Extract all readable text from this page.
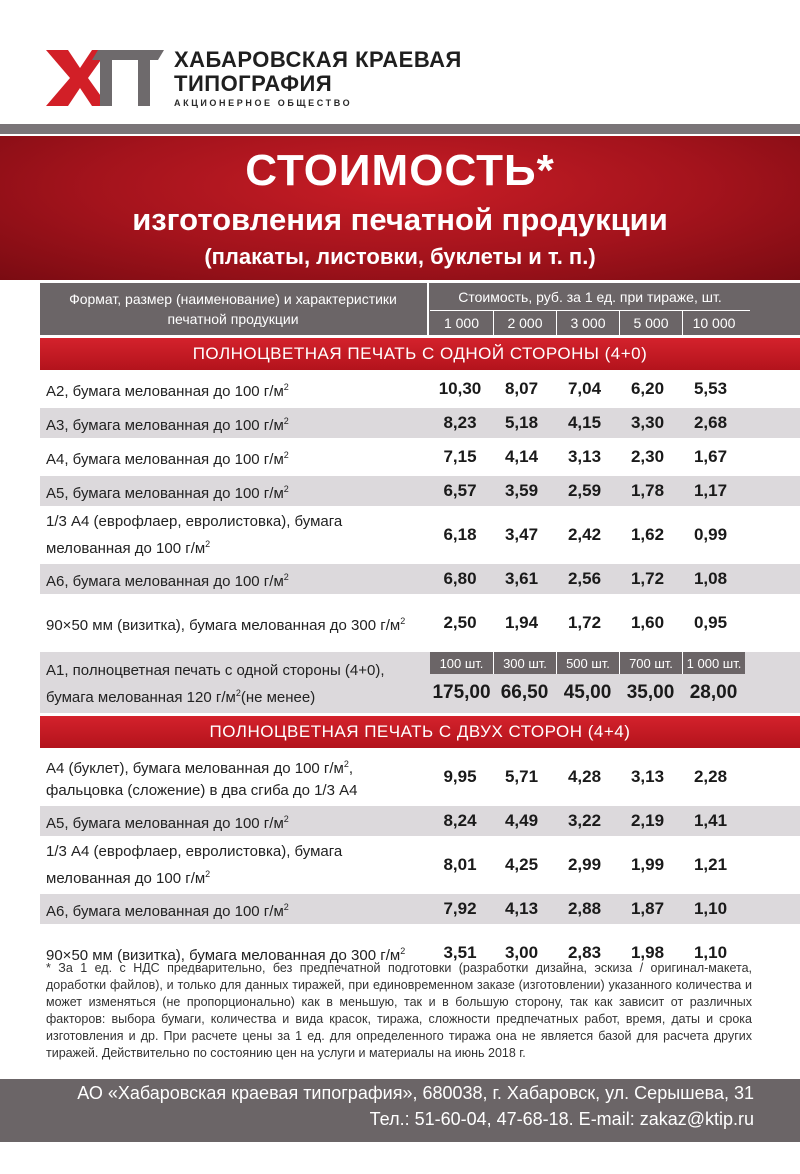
ХАБАРОВСКАЯ КРАЕВАЯ
ТИПОГРАФИЯ
АКЦИОНЕРНОЕ ОБЩЕСТВО
СТОИМОСТЬ*
изготовления печатной продукции
(плакаты, листовки, буклеты и т. п.)
Формат, размер (наименование) и характеристики печатной продукции
Стоимость, руб. за 1 ед. при тираже, шт.
1 000	2 000	3 000	5 000	10 000
ПОЛНОЦВЕТНАЯ ПЕЧАТЬ С ОДНОЙ СТОРОНЫ (4+0)
А2, бумага мелованная до 100 $г/м^2$	10,30	8,07	7,04	6,20	5,53
А3, бумага мелованная до 100 $г/м^2$	8,23	5,18	4,15	3,30	2,68
А4, бумага мелованная до 100 $г/м^2$	7,15	4,14	3,13	2,30	1,67
А5, бумага мелованная до 100 $г/м^2$	6,57	3,59	2,59	1,78	1,17
1/3 А4 (еврофлаер, евролистовка), бумага мелованная до 100 $г/м^2$	6,18	3,47	2,42	1,62	0,99
А6, бумага мелованная до 100 $г/м^2$	6,80	3,61	2,56	1,72	1,08
90×50 мм (визитка), бумага мелованная до 300 $г/м^2$	2,50	1,94	1,72	1,60	0,95
А1, полноцветная печать с одной стороны (4+0),
бумага мелованная 120 $г/м^2(не$ менее)
100 шт.	300 шт.	500 шт.	700 шт.	1 000 шт.
175,00 66,50 45,00 35,00 28,00
ПОЛНОЦВЕТНАЯ ПЕЧАТЬ С ДВУХ СТОРОН (4+4)
А4 (буклет), бумага мелованная до 100 $г/м^2$, фальцовка (сложение) в два сгиба до 1/3 А4
9,95	5,71	4,28	3,13	2,28
А5, бумага мелованная до 100 $г/м^2$	8,24	4,49	3,22	2,19	1,41
1/3 А4 (еврофлаер, евролистовка), бумага мелованная до 100 $г/м^2$	8,01	4,25	2,99	1,99	1,21
А6, бумага мелованная до 100 $г/м^2$	7,92	4,13	2,88	1,87	1,10
90×50 мм (визитка), бумага мелованная до 300 $г/м^2$	3,51	3,00	2,83	1,98	1,10
* За 1 ед. с НДС предварительно, без предпечатной подготовки (разработки дизайна, эскиза / оригинал-макета, доработки файлов), и только для данных тиражей, при единовременном заказе (изготовлении) указанного количества и может изменяться (не пропорционально) как в меньшую, так и в большую сторону, так как зависит от различных факторов: выбора бумаги, количества и вида красок, тиража, сложности предпечатных работ, время, даты и срока изготовления и др. При расчете цены за 1 ед. для определенного тиража она не является базой для расчета других тиражей. Действительно по состоянию цен на услуги и материалы на июнь 2018 г.
АО «Хабаровская краевая типография», 680038, г. Хабаровск, ул. Серышева, 31
Тел.: 51-60-04, 47-68-18. E-mail: zakaz@ktip.ru
